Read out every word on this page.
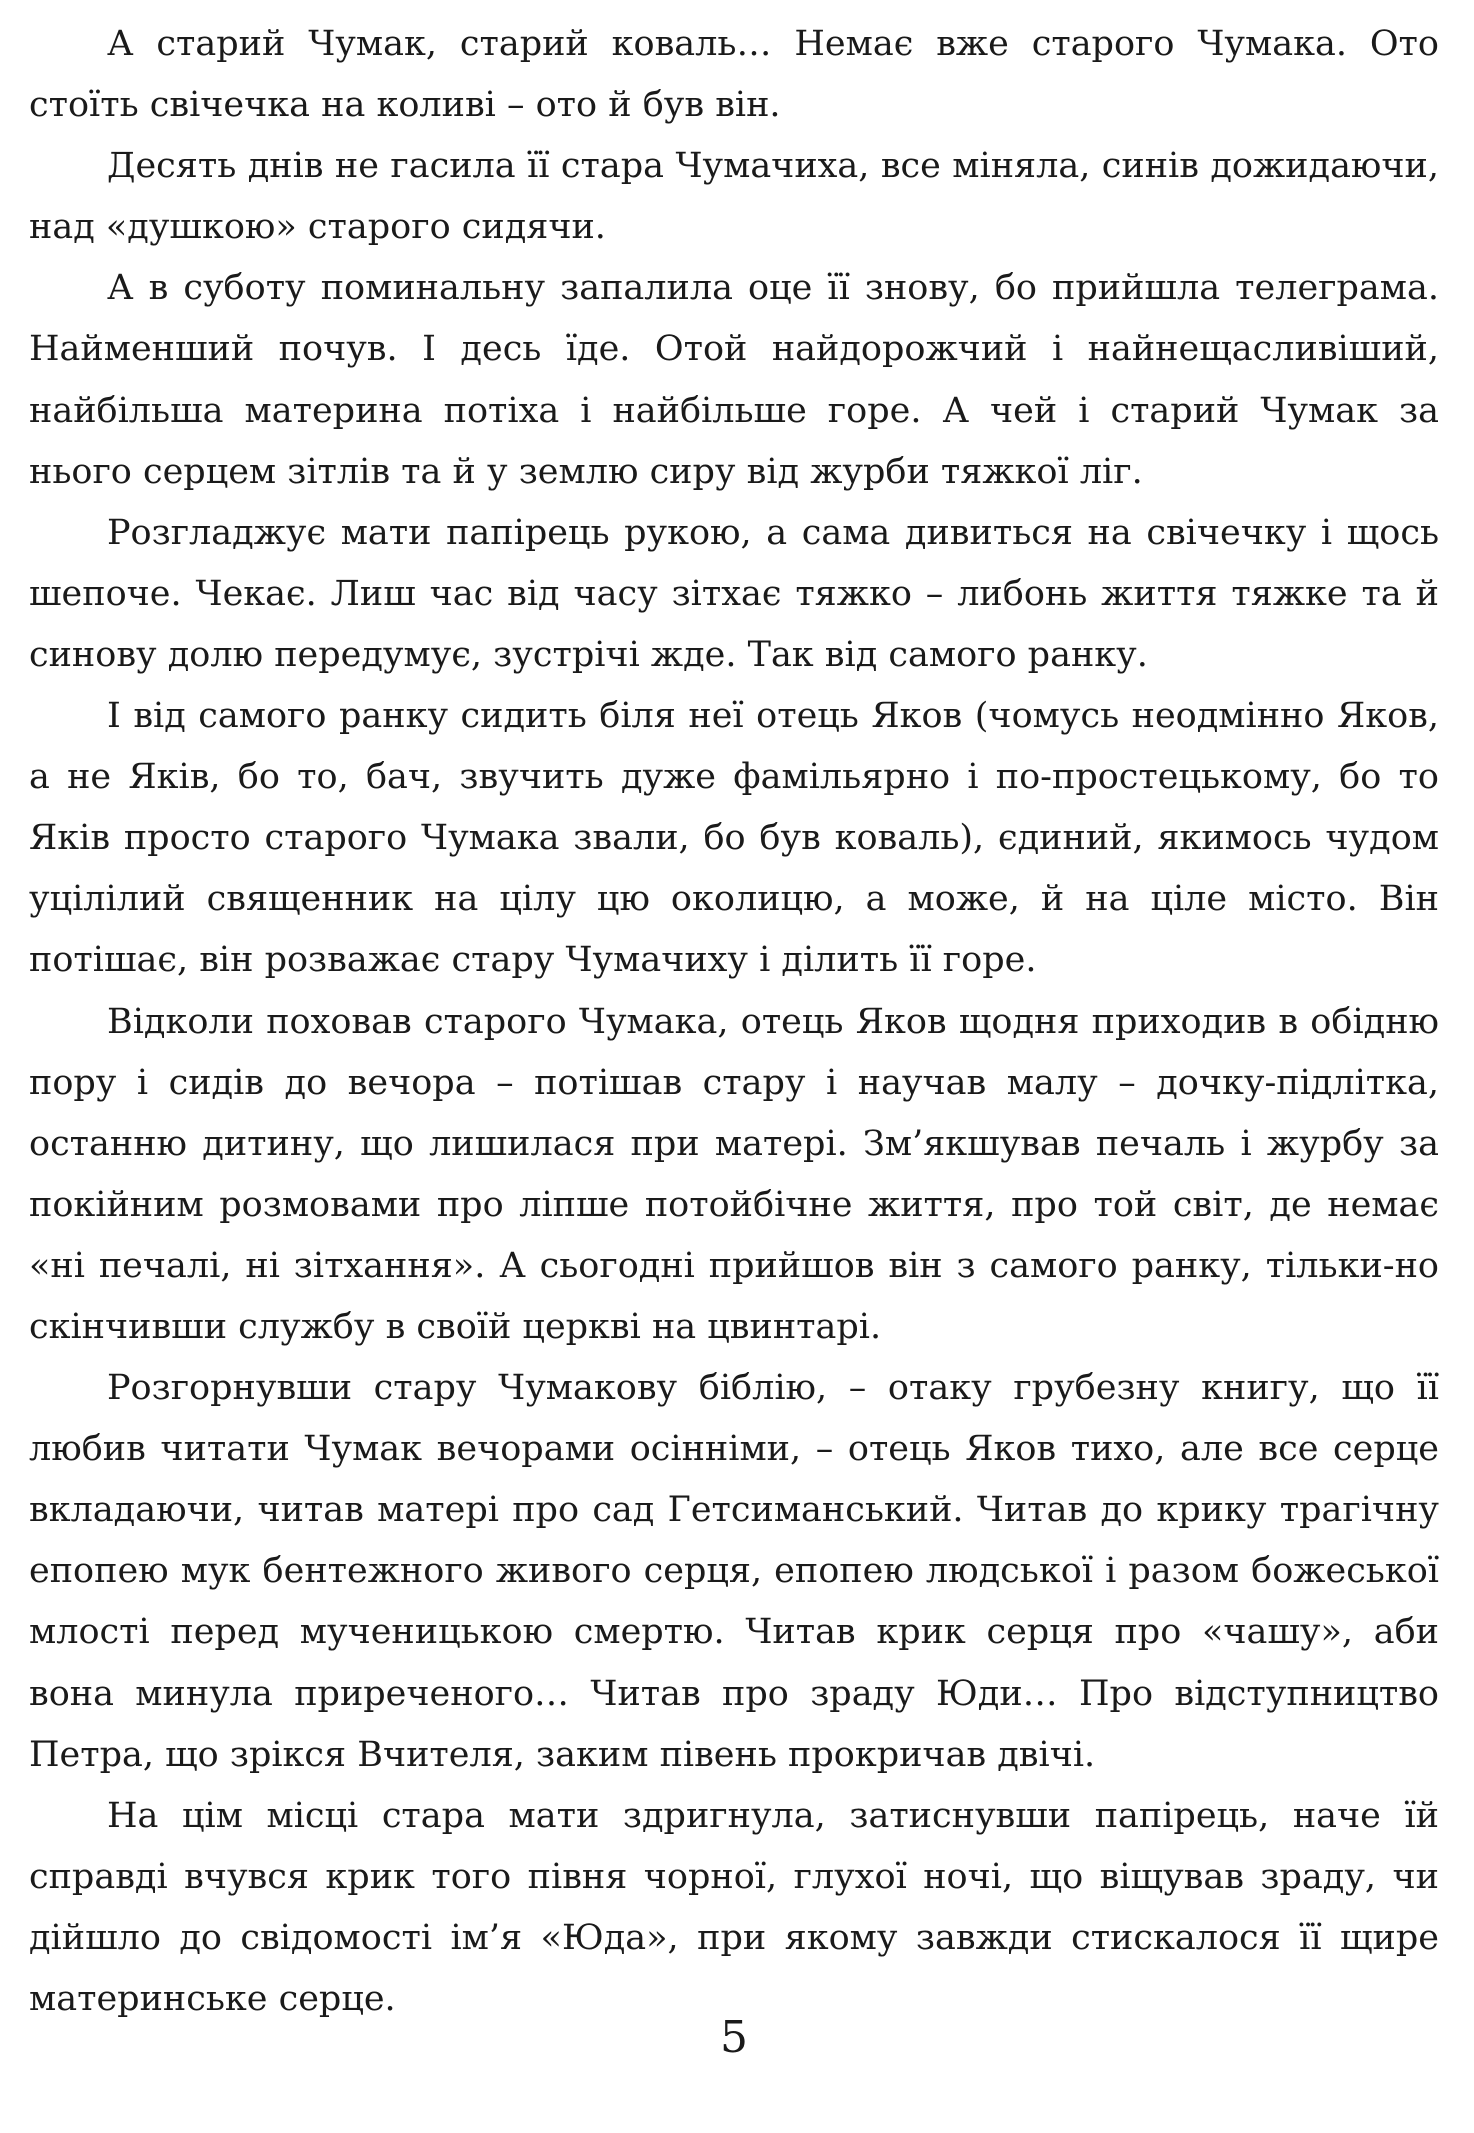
А старий Чумак, старий коваль… Немає вже старого Чумака. Ото стоїть свічечка на коливі – ото й був він.

Десять днів не гасила її стара Чумачиха, все міняла, синів дожидаючи, над «душкою» старого сидячи.

А в суботу поминальну запалила оце її знову, бо прийшла телеграма. Найменший почув. І десь їде. Отой найдорожчий і найнещасливіший, найбільша материна потіха і найбільше горе. А чей і старий Чумак за нього серцем зітлів та й у землю сиру від журби тяжкої ліг.

Розгладжує мати папірець рукою, а сама дивиться на свічечку і щось шепоче. Чекає. Лиш час від часу зітхає тяжко – либонь життя тяжке та й синову долю передумує, зустрічі жде. Так від самого ранку.

І від самого ранку сидить біля неї отець Яков (чомусь неодмінно Яков, а не Яків, бо то, бач, звучить дуже фамільярно і по-простецькому, бо то Яків просто старого Чумака звали, бо був коваль), єдиний, якимось чудом уцілілий священник на цілу цю околицю, а може, й на ціле місто. Він потішає, він розважає стару Чумачиху і ділить її горе.

Відколи поховав старого Чумака, отець Яков щодня приходив в обідню пору і сидів до вечора – потішав стару і научав малу – дочку-підлітка, останню дитину, що лишилася при матері. Зм’якшував печаль і журбу за покійним розмовами про ліпше потойбічне життя, про той світ, де немає «ні печалі, ні зітхання». А сьогодні прийшов він з самого ранку, тільки-но скінчивши службу в своїй церкві на цвинтарі.

Розгорнувши стару Чумакову біблію, – отаку грубезну книгу, що її любив читати Чумак вечорами осінніми, – отець Яков тихо, але все серце вкладаючи, читав матері про сад Гетсиманський. Читав до крику трагічну епопею мук бентежного живого серця, епопею людської і разом божеської млості перед мученицькою смертю. Читав крик серця про «чашу», аби вона минула приреченого… Читав про зраду Юди… Про відступництво Петра, що зрікся Вчителя, заким півень прокричав двічі.

На цім місці стара мати здригнула, затиснувши папірець, наче їй справді вчувся крик того півня чорної, глухої ночі, що віщував зраду, чи дійшло до свідомості ім’я «Юда», при якому завжди стискалося її щире материнське серце.

5
